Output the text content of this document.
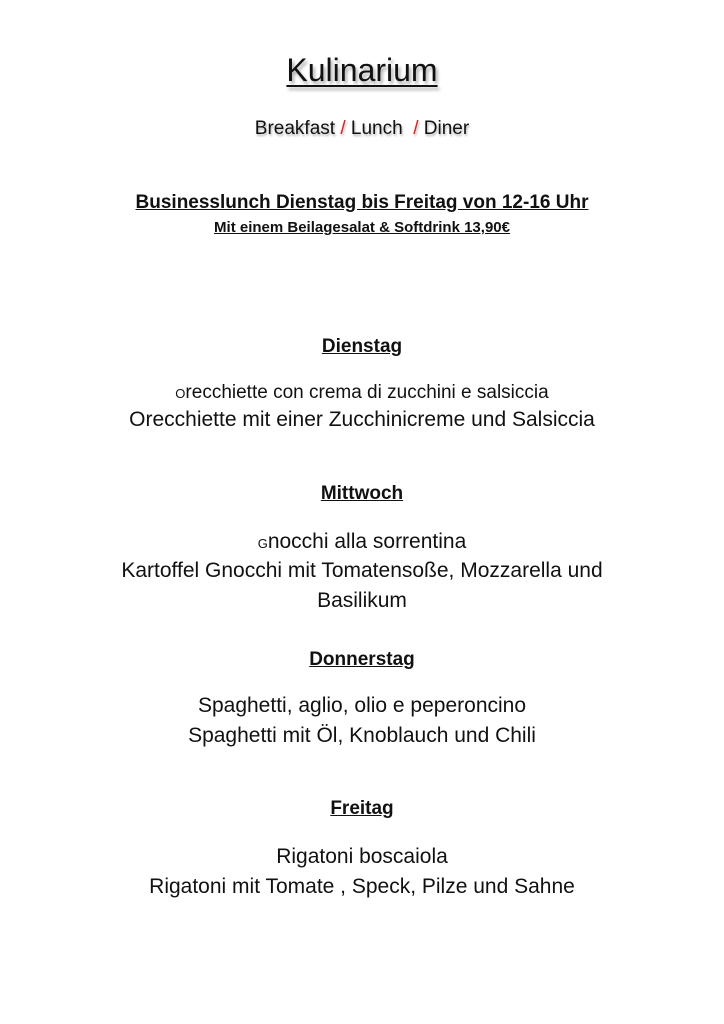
Kulinarium
Breakfast / Lunch / Diner
Businesslunch Dienstag bis Freitag von 12-16 Uhr
Mit einem Beilagesalat & Softdrink 13,90€
Dienstag
Orecchiette con crema di zucchini e salsiccia
Orecchiette mit einer Zucchinicreme und Salsiccia
Mittwoch
Gnocchi alla sorrentina
Kartoffel Gnocchi mit Tomatensoße, Mozzarella und
Basilikum
Donnerstag
Spaghetti, aglio, olio e peperoncino
Spaghetti mit Öl, Knoblauch und Chili
Freitag
Rigatoni boscaiola
Rigatoni mit Tomate , Speck, Pilze und Sahne
